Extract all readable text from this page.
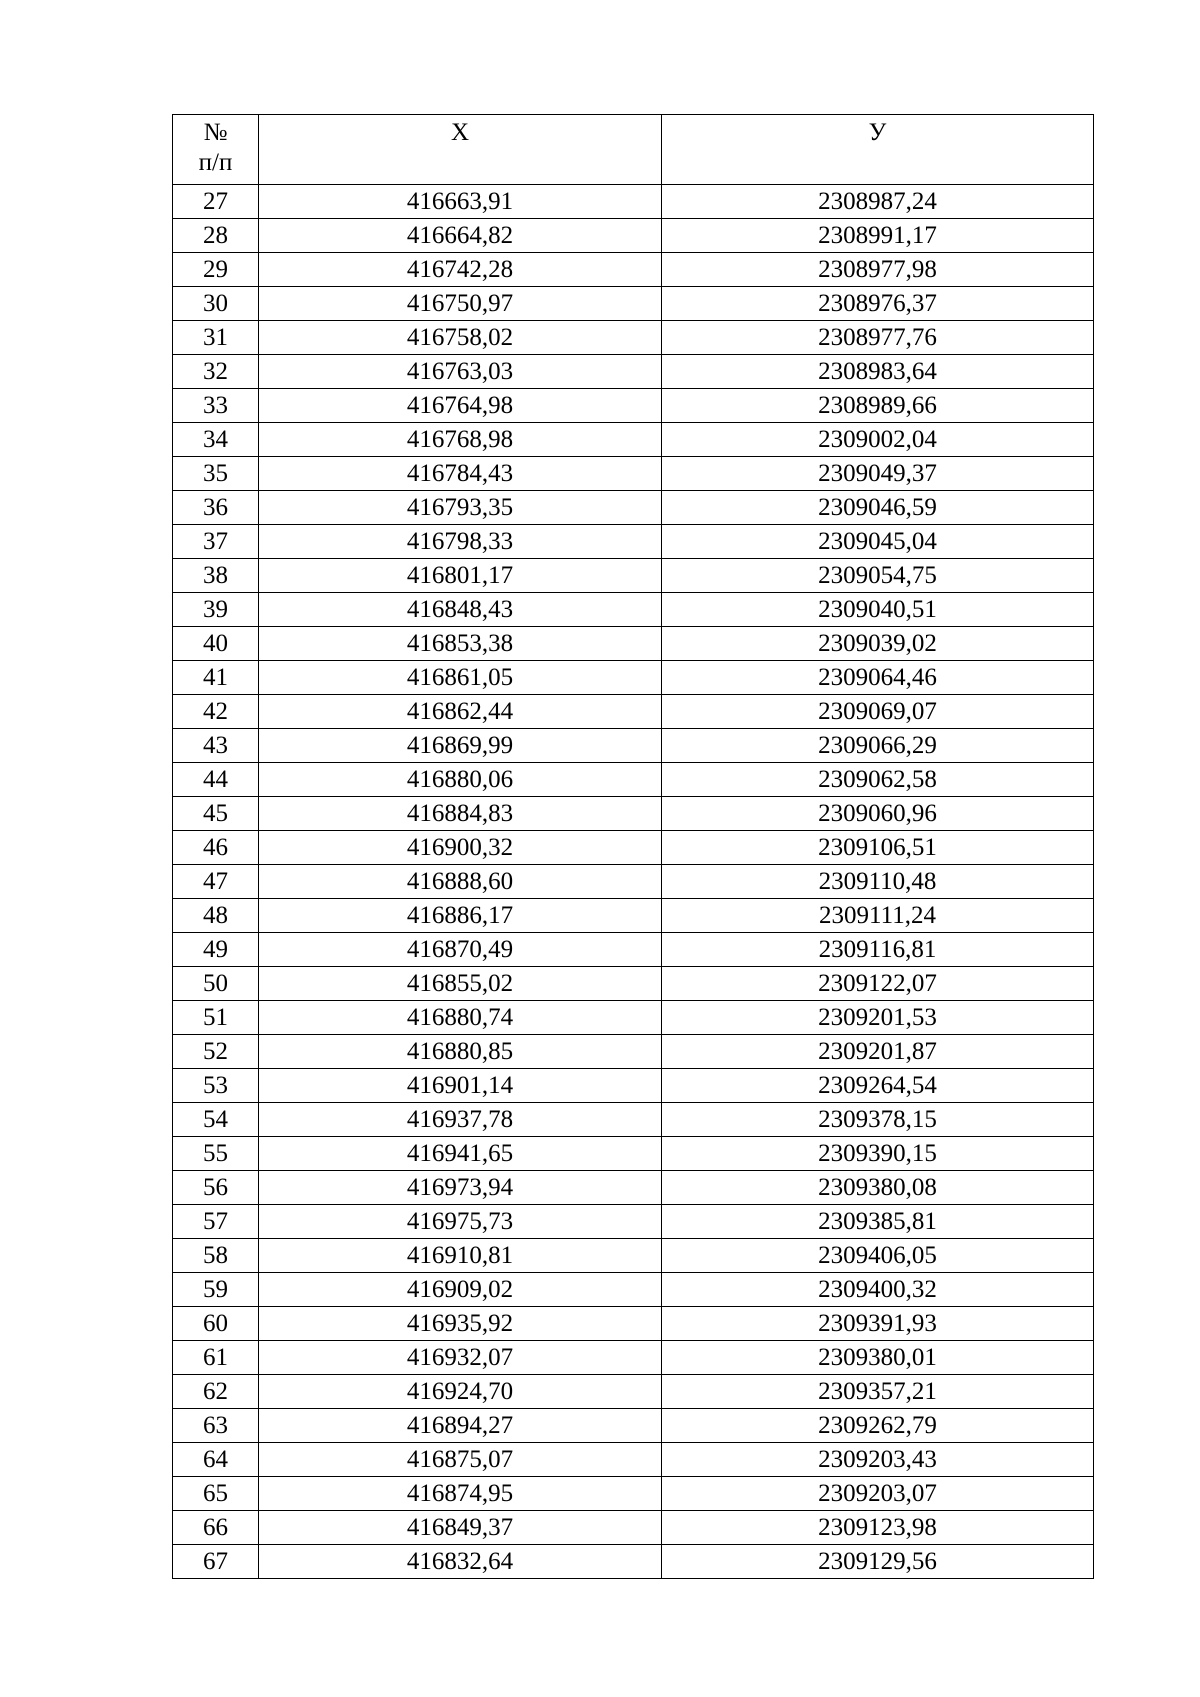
№
п/п	Х	У
27	416663,91	2308987,24
28	416664,82	2308991,17
29	416742,28	2308977,98
30	416750,97	2308976,37
31	416758,02	2308977,76
32	416763,03	2308983,64
33	416764,98	2308989,66
34	416768,98	2309002,04
35	416784,43	2309049,37
36	416793,35	2309046,59
37	416798,33	2309045,04
38	416801,17	2309054,75
39	416848,43	2309040,51
40	416853,38	2309039,02
41	416861,05	2309064,46
42	416862,44	2309069,07
43	416869,99	2309066,29
44	416880,06	2309062,58
45	416884,83	2309060,96
46	416900,32	2309106,51
47	416888,60	2309110,48
48	416886,17	2309111,24
49	416870,49	2309116,81
50	416855,02	2309122,07
51	416880,74	2309201,53
52	416880,85	2309201,87
53	416901,14	2309264,54
54	416937,78	2309378,15
55	416941,65	2309390,15
56	416973,94	2309380,08
57	416975,73	2309385,81
58	416910,81	2309406,05
59	416909,02	2309400,32
60	416935,92	2309391,93
61	416932,07	2309380,01
62	416924,70	2309357,21
63	416894,27	2309262,79
64	416875,07	2309203,43
65	416874,95	2309203,07
66	416849,37	2309123,98
67	416832,64	2309129,56
